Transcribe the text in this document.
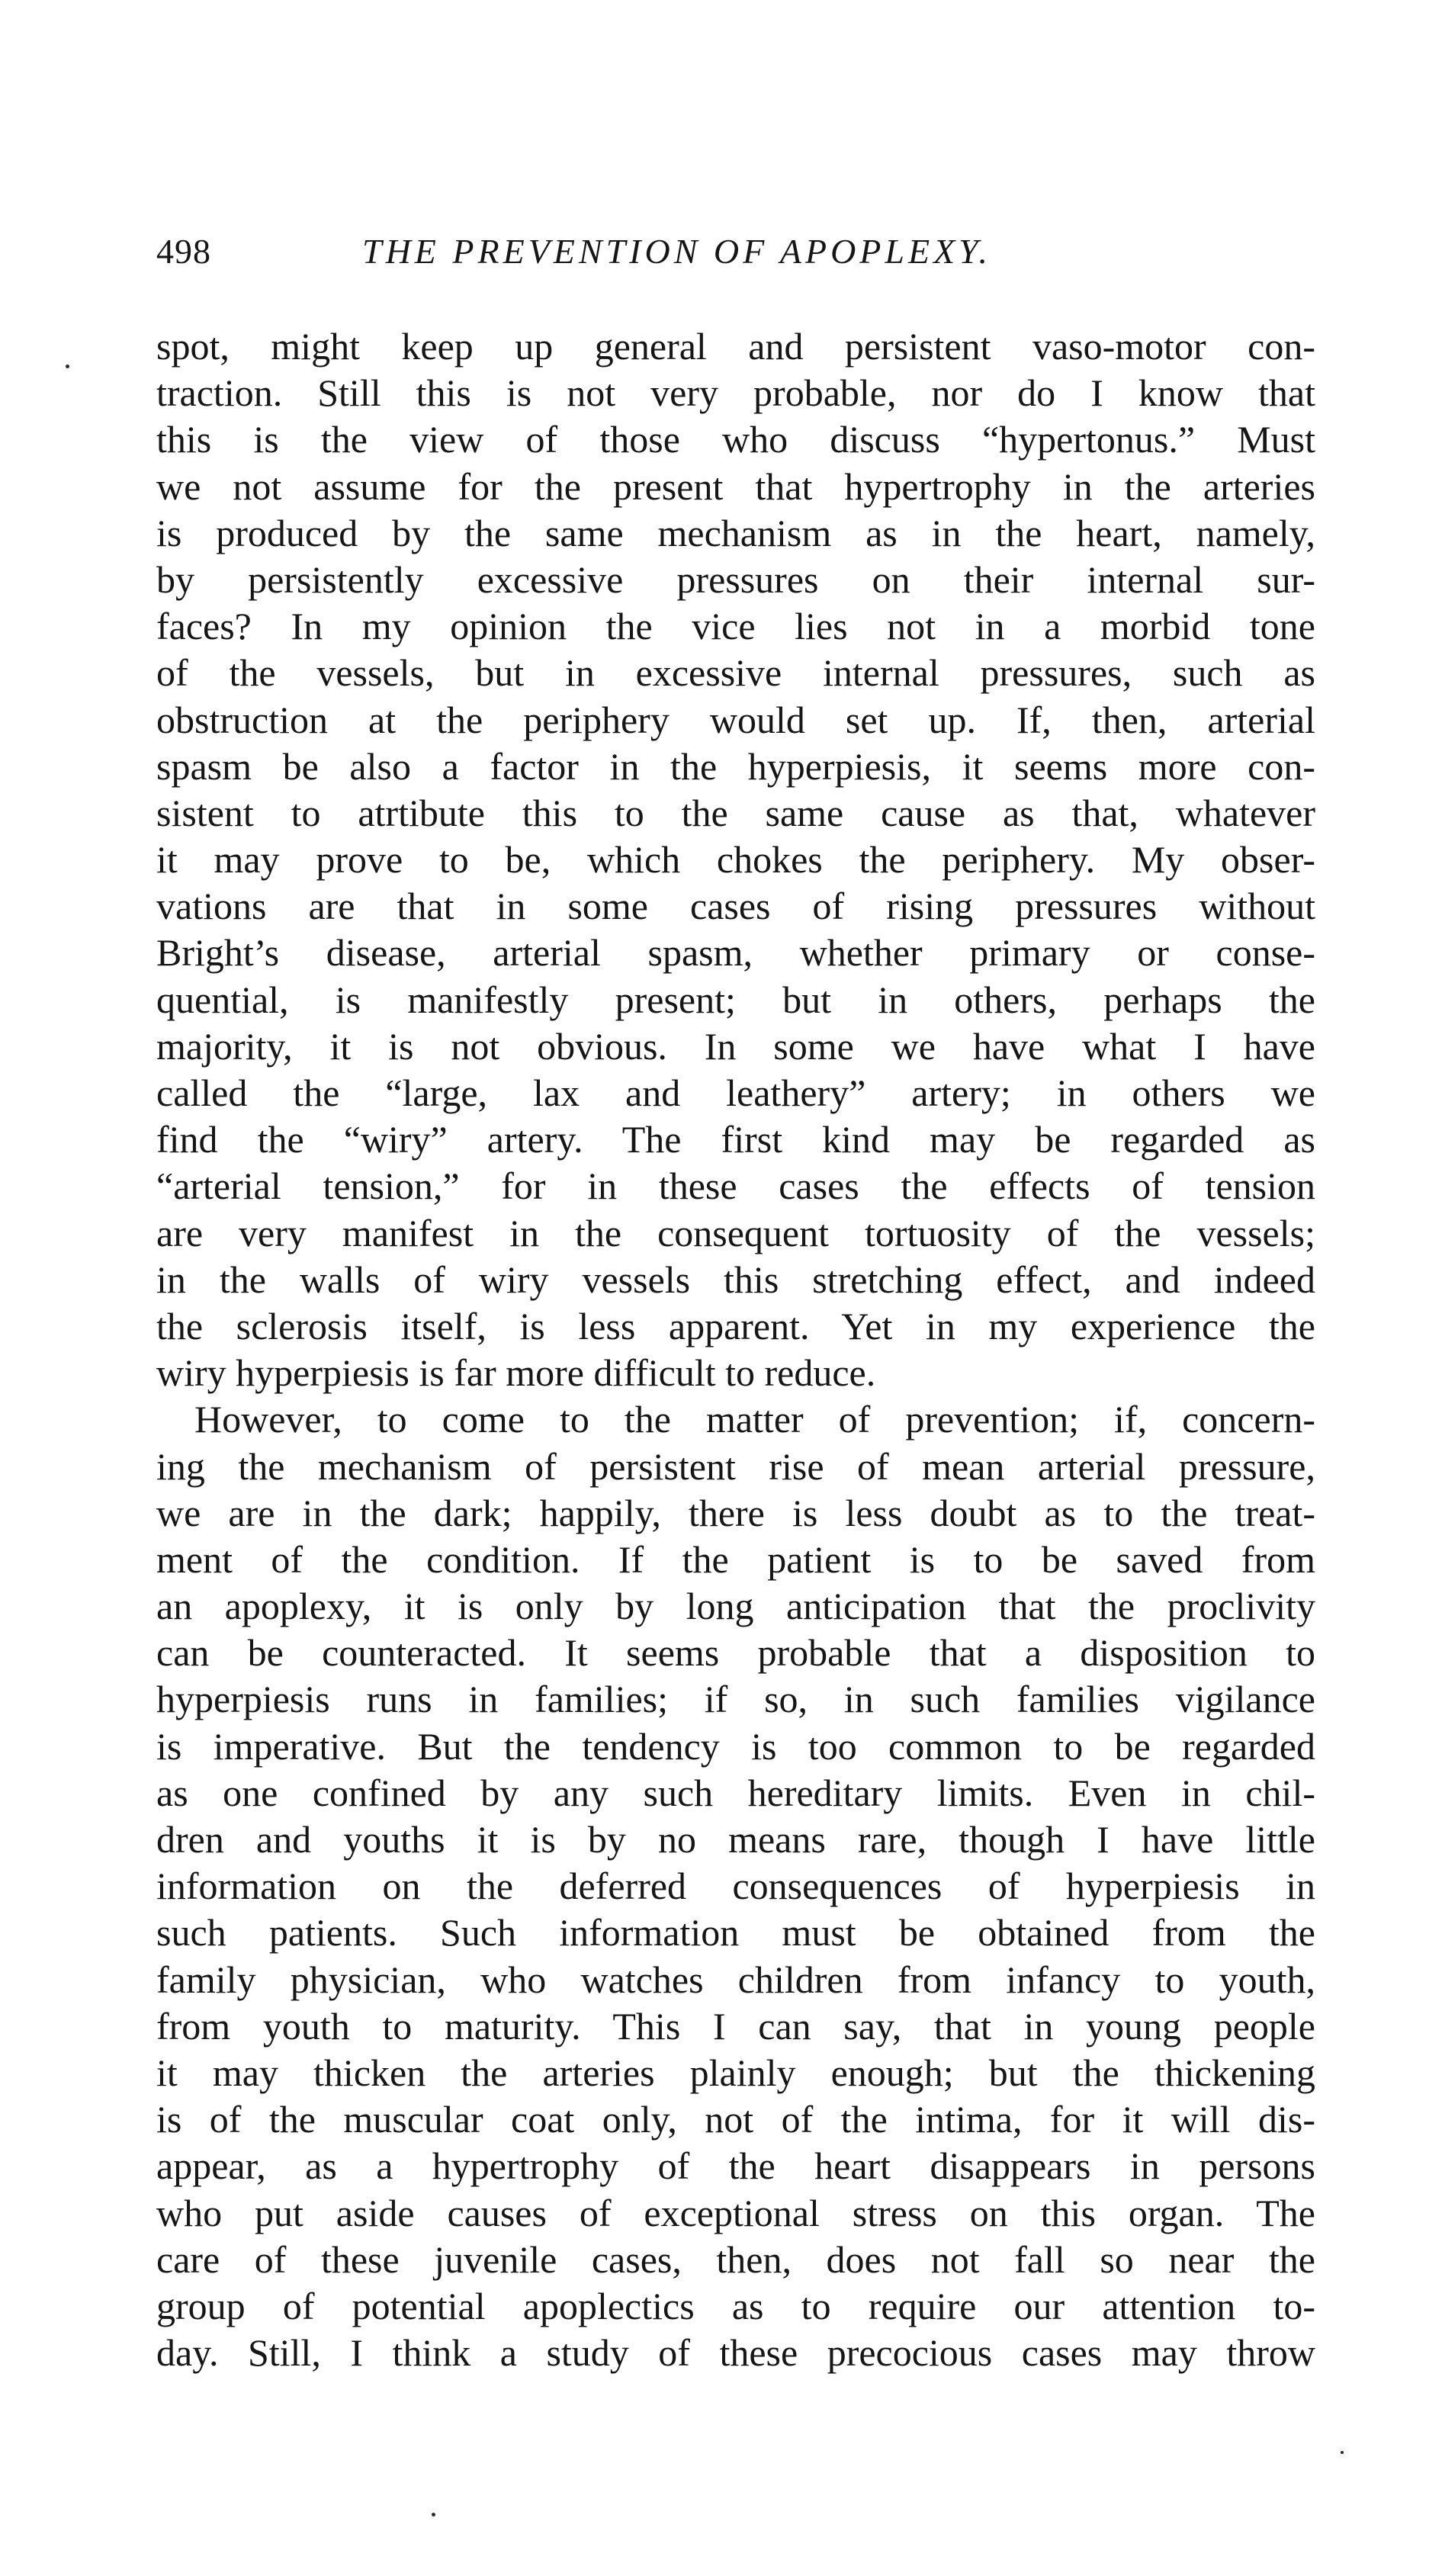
498	THE PREVENTION OF APOPLEXY.
spot, might keep up general and persistent vaso-motor con-
traction. Still this is not very probable, nor do I know that
this is the view of those who discuss “hypertonus.” Must
we not assume for the present that hypertrophy in the arteries
is produced by the same mechanism as in the heart, namely,
by persistently excessive pressures on their internal sur-
faces? In my opinion the vice lies not in a morbid tone
of the vessels, but in excessive internal pressures, such as
obstruction at the periphery would set up. If, then, arterial
spasm be also a factor in the hyperpiesis, it seems more con-
sistent to atrtibute this to the same cause as that, whatever
it may prove to be, which chokes the periphery. My obser-
vations are that in some cases of rising pressures without
Bright’s disease, arterial spasm, whether primary or conse-
quential, is manifestly present; but in others, perhaps the
majority, it is not obvious. In some we have what I have
called the “large, lax and leathery” artery; in others we
find the “wiry” artery. The first kind may be regarded as
“arterial tension,” for in these cases the effects of tension
are very manifest in the consequent tortuosity of the vessels;
in the walls of wiry vessels this stretching effect, and indeed
the sclerosis itself, is less apparent. Yet in my experience the
wiry hyperpiesis is far more difficult to reduce.
However, to come to the matter of prevention; if, concern-
ing the mechanism of persistent rise of mean arterial pressure,
we are in the dark; happily, there is less doubt as to the treat-
ment of the condition. If the patient is to be saved from
an apoplexy, it is only by long anticipation that the proclivity
can be counteracted. It seems probable that a disposition to
hyperpiesis runs in families; if so, in such families vigilance
is imperative. But the tendency is too common to be regarded
as one confined by any such hereditary limits. Even in chil-
dren and youths it is by no means rare, though I have little
information on the deferred consequences of hyperpiesis in
such patients. Such information must be obtained from the
family physician, who watches children from infancy to youth,
from youth to maturity. This I can say, that in young people
it may thicken the arteries plainly enough; but the thickening
is of the muscular coat only, not of the intima, for it will dis-
appear, as a hypertrophy of the heart disappears in persons
who put aside causes of exceptional stress on this organ. The
care of these juvenile cases, then, does not fall so near the
group of potential apoplectics as to require our attention to-
day. Still, I think a study of these precocious cases may throw
